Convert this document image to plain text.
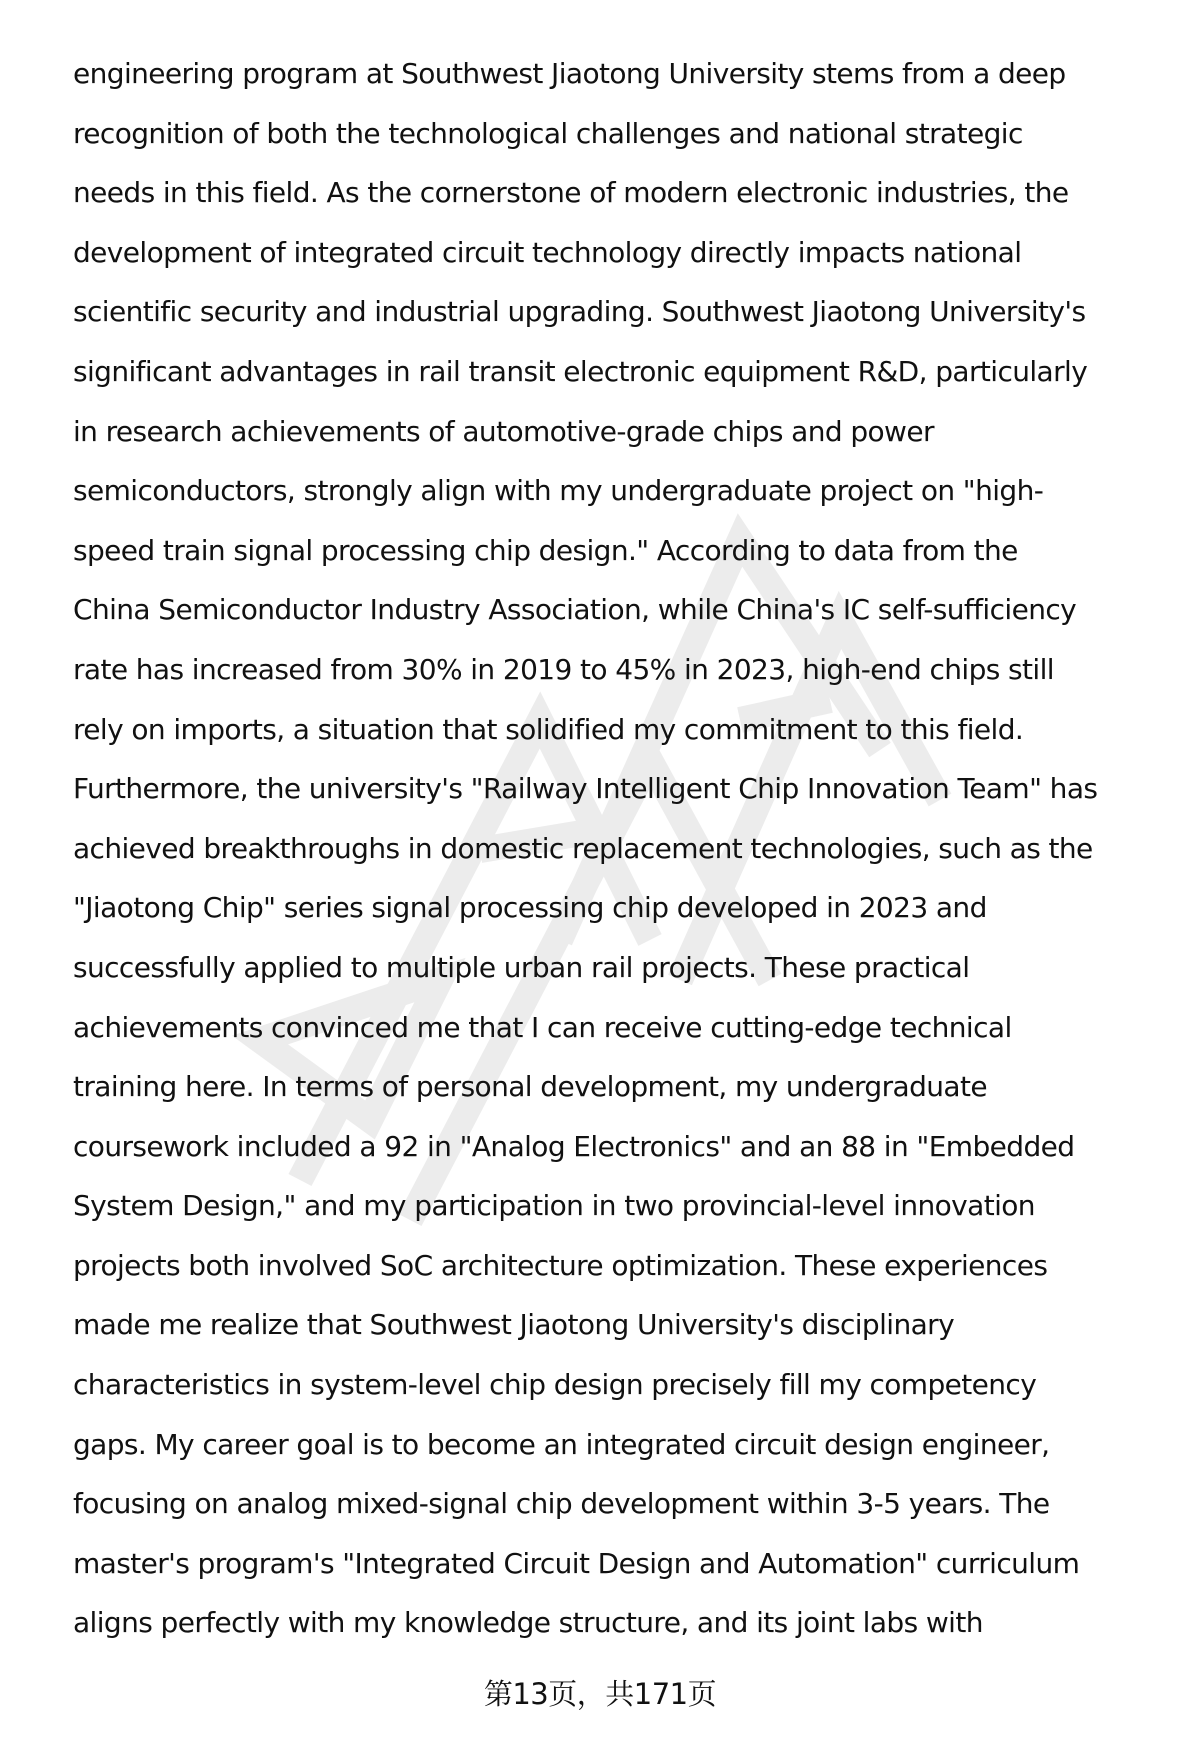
engineering program at Southwest Jiaotong University stems from a deep
recognition of both the technological challenges and national strategic
needs in this field. As the cornerstone of modern electronic industries, the
development of integrated circuit technology directly impacts national
scientific security and industrial upgrading. Southwest Jiaotong University's
significant advantages in rail transit electronic equipment R&D, particularly
in research achievements of automotive-grade chips and power
semiconductors, strongly align with my undergraduate project on "high-
speed train signal processing chip design." According to data from the
China Semiconductor Industry Association, while China's IC self-sufficiency
rate has increased from 30% in 2019 to 45% in 2023, high-end chips still
rely on imports, a situation that solidified my commitment to this field.
Furthermore, the university's "Railway Intelligent Chip Innovation Team" has
achieved breakthroughs in domestic replacement technologies, such as the
"Jiaotong Chip" series signal processing chip developed in 2023 and
successfully applied to multiple urban rail projects. These practical
achievements convinced me that I can receive cutting-edge technical
training here. In terms of personal development, my undergraduate
coursework included a 92 in "Analog Electronics" and an 88 in "Embedded
System Design," and my participation in two provincial-level innovation
projects both involved SoC architecture optimization. These experiences
made me realize that Southwest Jiaotong University's disciplinary
characteristics in system-level chip design precisely fill my competency
gaps. My career goal is to become an integrated circuit design engineer,
focusing on analog mixed-signal chip development within 3-5 years. The
master's program's "Integrated Circuit Design and Automation" curriculum
aligns perfectly with my knowledge structure, and its joint labs with
第13页，共171页
